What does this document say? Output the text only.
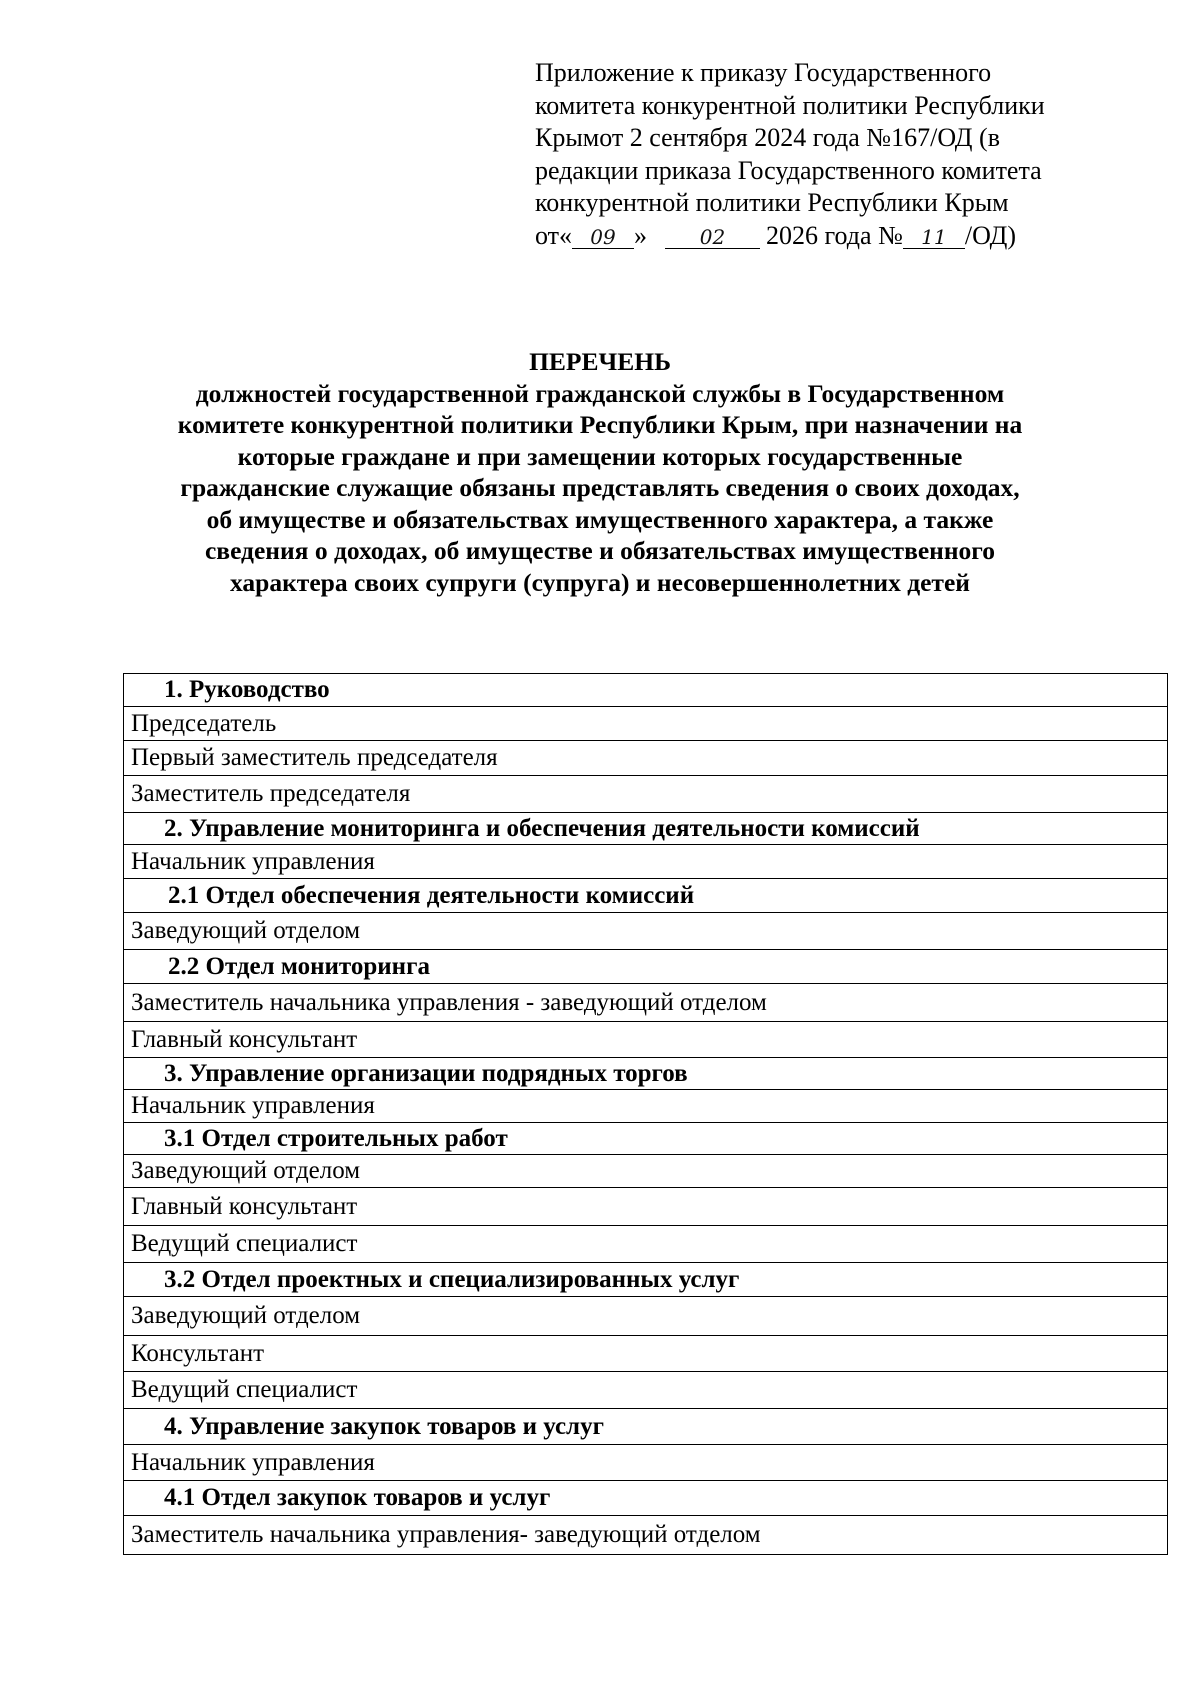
Приложение к приказу Государственного
комитета конкурентной политики Республики
Крымот 2 сентября 2024 года №167/ОД (в
редакции приказа Государственного комитета
конкурентной политики Республики Крым
от« 09 »	02 2026 года № 11 /ОД)
ПЕРЕЧЕНЬ
должностей государственной гражданской службы в Государственном
комитете конкурентной политики Республики Крым, при назначении на
которые граждане и при замещении которых государственные
гражданские служащие обязаны представлять сведения о своих доходах,
об имуществе и обязательствах имущественного характера, а также
сведения о доходах, об имуществе и обязательствах имущественного
характера своих супруги (супруга) и несовершеннолетних детей
1. Руководство
Председатель
Первый заместитель председателя
Заместитель председателя
2. Управление мониторинга и обеспечения деятельности комиссий
Начальник управления
2.1 Отдел обеспечения деятельности комиссий
Заведующий отделом
2.2 Отдел мониторинга
Заместитель начальника управления - заведующий отделом
Главный консультант
3. Управление организации подрядных торгов
Начальник управления
3.1 Отдел строительных работ
Заведующий отделом
Главный консультант
Ведущий специалист
3.2 Отдел проектных и специализированных услуг
Заведующий отделом
Консультант
Ведущий специалист
4. Управление закупок товаров и услуг
Начальник управления
4.1 Отдел закупок товаров и услуг
Заместитель начальника управления- заведующий отделом
